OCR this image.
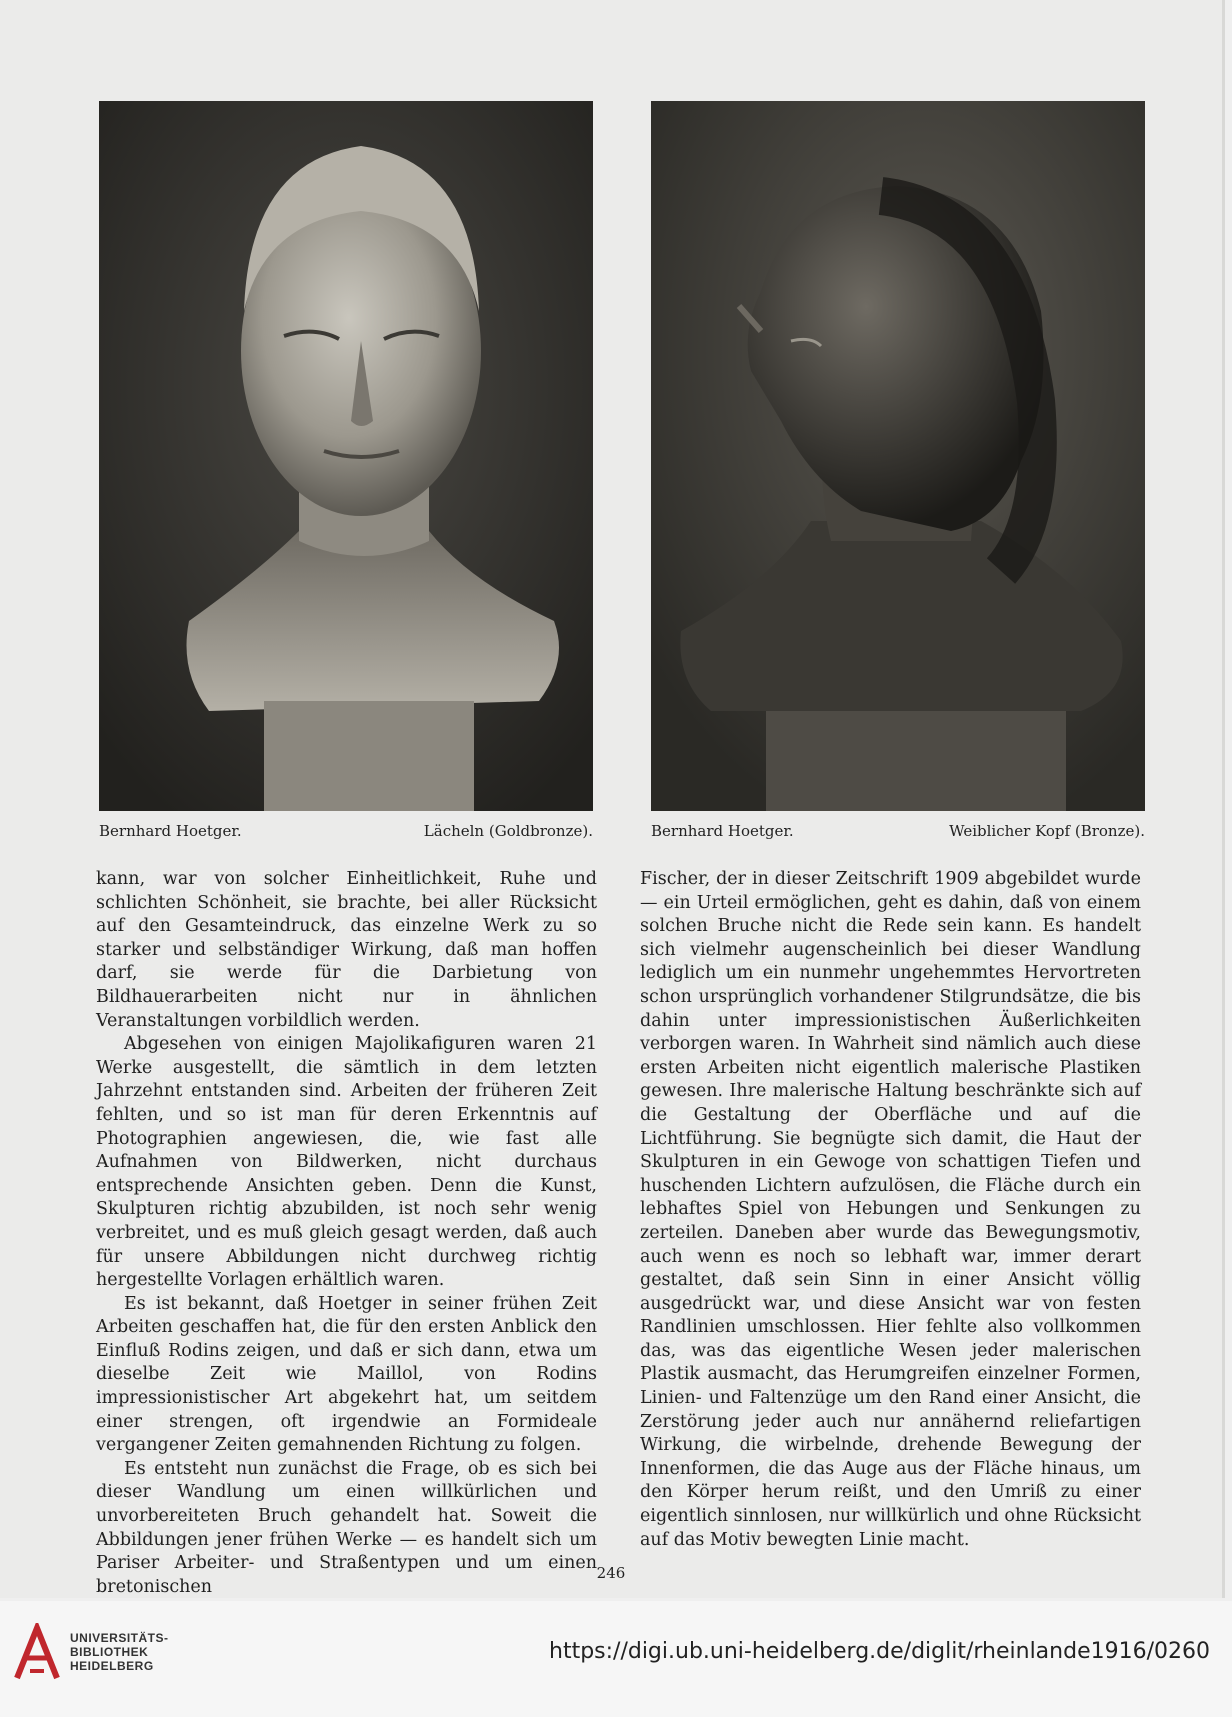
Bernhard Hoetger.	Lächeln (Goldbronze).	Bernhard Hoetger.	Weiblicher Kopf (Bronze).

kann, war von solcher Einheitlichkeit, Ruhe und schlichten Schönheit, sie brachte, bei aller Rücksicht auf den Gesamteindruck, das einzelne Werk zu so starker und selbständiger Wirkung, daß man hoffen darf, sie werde für die Darbietung von Bildhauerarbeiten nicht nur in ähnlichen Veranstaltungen vorbildlich werden.

Abgesehen von einigen Majolikafiguren waren 21 Werke ausgestellt, die sämtlich in dem letzten Jahrzehnt entstanden sind. Arbeiten der früheren Zeit fehlten, und so ist man für deren Erkenntnis auf Photographien angewiesen, die, wie fast alle Aufnahmen von Bildwerken, nicht durchaus entsprechende Ansichten geben. Denn die Kunst, Skulpturen richtig abzubilden, ist noch sehr wenig verbreitet, und es muß gleich gesagt werden, daß auch für unsere Abbildungen nicht durchweg richtig hergestellte Vorlagen erhältlich waren.

Es ist bekannt, daß Hoetger in seiner frühen Zeit Arbeiten geschaffen hat, die für den ersten Anblick den Einfluß Rodins zeigen, und daß er sich dann, etwa um dieselbe Zeit wie Maillol, von Rodins impressionistischer Art abgekehrt hat, um seitdem einer strengen, oft irgendwie an Formideale vergangener Zeiten gemahnenden Richtung zu folgen.

Es entsteht nun zunächst die Frage, ob es sich bei dieser Wandlung um einen willkürlichen und unvorbereiteten Bruch gehandelt hat. Soweit die Abbildungen jener frühen Werke — es handelt sich um Pariser Arbeiter- und Straßentypen und um einen bretonischen

Fischer, der in dieser Zeitschrift 1909 abgebildet wurde — ein Urteil ermöglichen, geht es dahin, daß von einem solchen Bruche nicht die Rede sein kann. Es handelt sich vielmehr augenscheinlich bei dieser Wandlung lediglich um ein nunmehr ungehemmtes Hervortreten schon ursprünglich vorhandener Stilgrundsätze, die bis dahin unter impressionistischen Äußerlichkeiten verborgen waren. In Wahrheit sind nämlich auch diese ersten Arbeiten nicht eigentlich malerische Plastiken gewesen. Ihre malerische Haltung beschränkte sich auf die Gestaltung der Oberfläche und auf die Lichtführung. Sie begnügte sich damit, die Haut der Skulpturen in ein Gewoge von schattigen Tiefen und huschenden Lichtern aufzulösen, die Fläche durch ein lebhaftes Spiel von Hebungen und Senkungen zu zerteilen. Daneben aber wurde das Bewegungsmotiv, auch wenn es noch so lebhaft war, immer derart gestaltet, daß sein Sinn in einer Ansicht völlig ausgedrückt war, und diese Ansicht war von festen Randlinien umschlossen. Hier fehlte also vollkommen das, was das eigentliche Wesen jeder malerischen Plastik ausmacht, das Herumgreifen einzelner Formen, Linien- und Faltenzüge um den Rand einer Ansicht, die Zerstörung jeder auch nur annähernd reliefartigen Wirkung, die wirbelnde, drehende Bewegung der Innenformen, die das Auge aus der Fläche hinaus, um den Körper herum reißt, und den Umriß zu einer eigentlich sinnlosen, nur willkürlich und ohne Rücksicht auf das Motiv bewegten Linie macht.

246
UNIVERSITÄTS-
BIBLIOTHEK
HEIDELBERG
https://digi.ub.uni-heidelberg.de/diglit/rheinlande1916/0260
